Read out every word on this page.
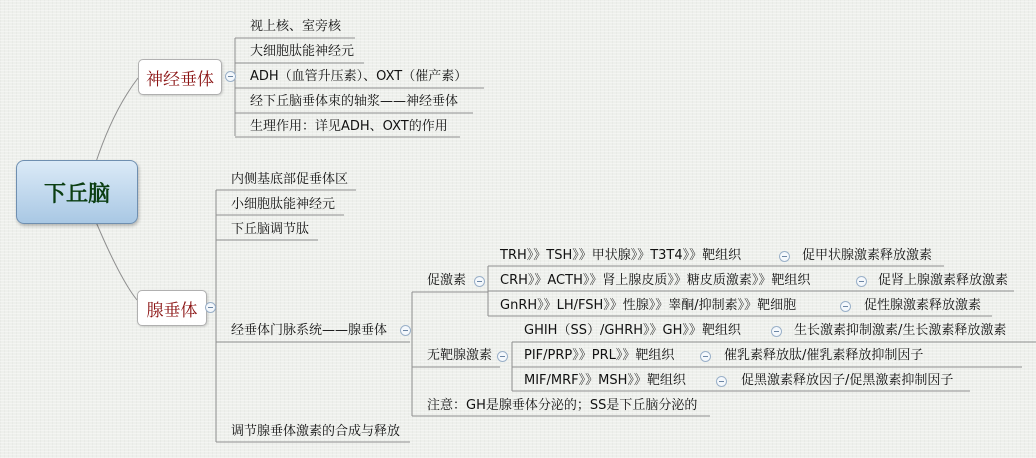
下丘脑
神经垂体
腺垂体
视上核、室旁核
大细胞肽能神经元
ADH（血管升压素）、OXT（催产素）
经下丘脑垂体束的轴浆——神经垂体
生理作用：详见ADH、OXT的作用
内侧基底部促垂体区
小细胞肽能神经元
下丘脑调节肽
经垂体门脉系统——腺垂体
调节腺垂体激素的合成与释放
促激素
TRH》》TSH》》甲状腺》》T3T4》》靶组织	促甲状腺激素释放激素
CRH》》ACTH》》肾上腺皮质》》糖皮质激素》》靶组织	促肾上腺激素释放激素
GnRH》》LH/FSH》》性腺》》睾酮/抑制素》》靶细胞	促性腺激素释放激素
无靶腺激素
GHIH（SS）/GHRH》》GH》》靶组织	生长激素抑制激素/生长激素释放激素
PIF/PRP》》PRL》》靶组织	催乳素释放肽/催乳素释放抑制因子
MIF/MRF》》MSH》》靶组织	促黑激素释放因子/促黑激素抑制因子
注意：GH是腺垂体分泌的；SS是下丘脑分泌的
